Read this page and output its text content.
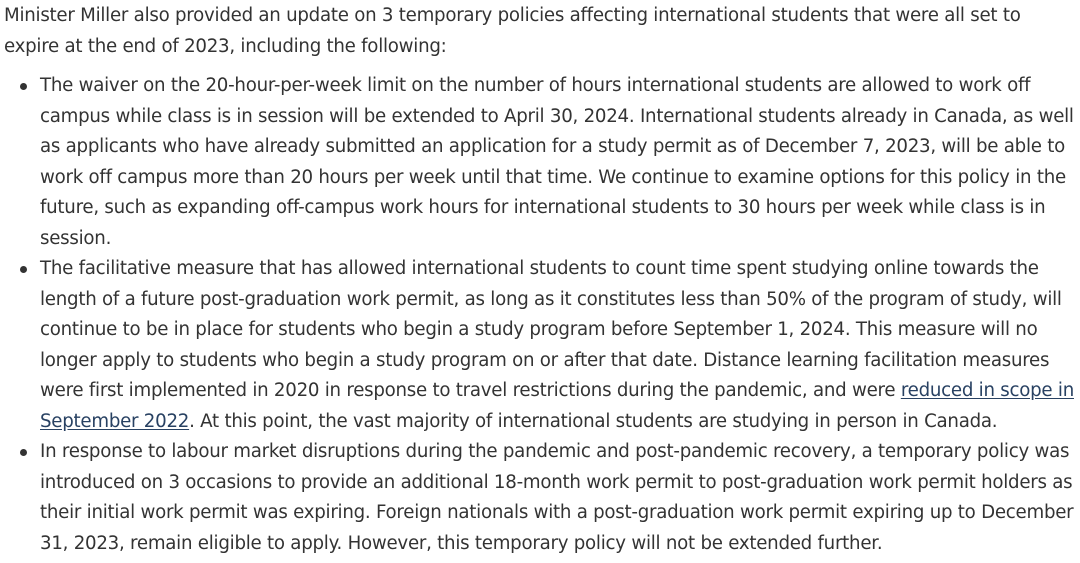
Minister Miller also provided an update on 3 temporary policies affecting international students that were all set to expire at the end of 2023, including the following:

The waiver on the 20-hour-per-week limit on the number of hours international students are allowed to work off campus while class is in session will be extended to April 30, 2024. International students already in Canada, as well as applicants who have already submitted an application for a study permit as of December 7, 2023, will be able to work off campus more than 20 hours per week until that time. We continue to examine options for this policy in the future, such as expanding off-campus work hours for international students to 30 hours per week while class is in session.
The facilitative measure that has allowed international students to count time spent studying online towards the length of a future post-graduation work permit, as long as it constitutes less than 50% of the program of study, will continue to be in place for students who begin a study program before September 1, 2024. This measure will no longer apply to students who begin a study program on or after that date. Distance learning facilitation measures were first implemented in 2020 in response to travel restrictions during the pandemic, and were reduced in scope in September 2022. At this point, the vast majority of international students are studying in person in Canada.
In response to labour market disruptions during the pandemic and post-pandemic recovery, a temporary policy was introduced on 3 occasions to provide an additional 18-month work permit to post-graduation work permit holders as their initial work permit was expiring. Foreign nationals with a post-graduation work permit expiring up to December 31, 2023, remain eligible to apply. However, this temporary policy will not be extended further.
